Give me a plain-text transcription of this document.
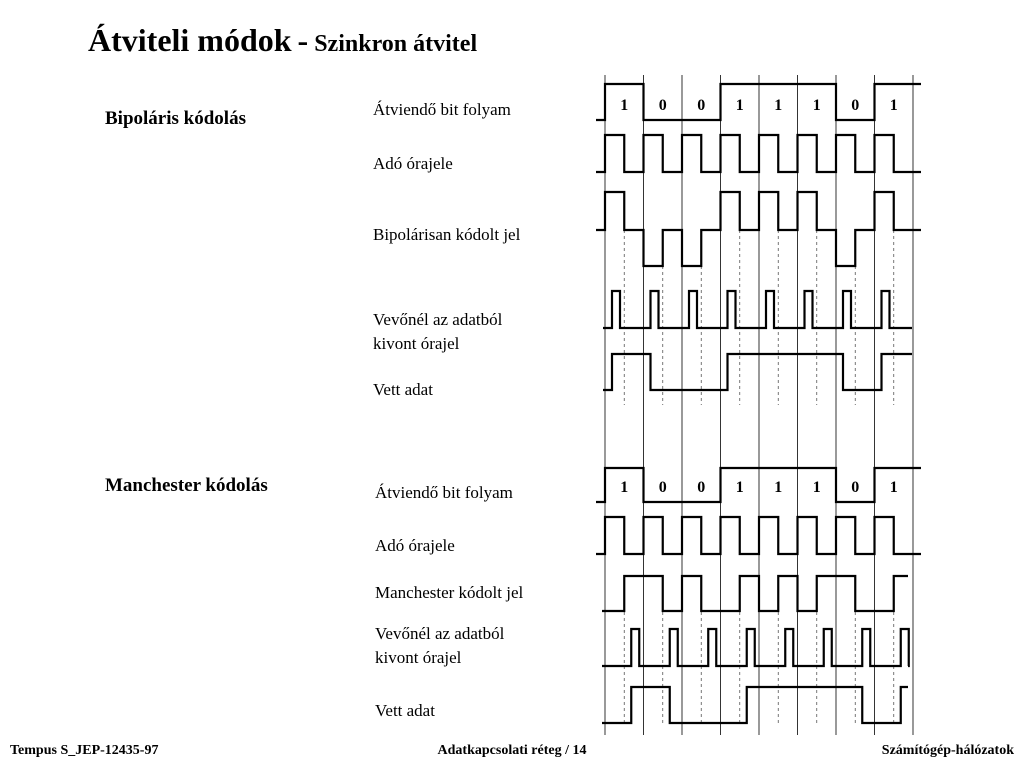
Átviteli módok - Szinkron átvitel
Bipoláris kódolás
Manchester kódolás
Átviendő bit folyam
Adó órajele
Bipolárisan kódolt jel
Vevőnél az adatból
kivont órajel
Vett adat
Átviendő bit folyam
Adó órajele
Manchester kódolt jel
Vevőnél az adatból
kivont órajel
Vett adat
1 0 0 1 1 1 0 1
1 0 0 1 1 1 0 1
Tempus S_JEP-12435-97	Adatkapcsolati réteg / 14	Számítógép-hálózatok
